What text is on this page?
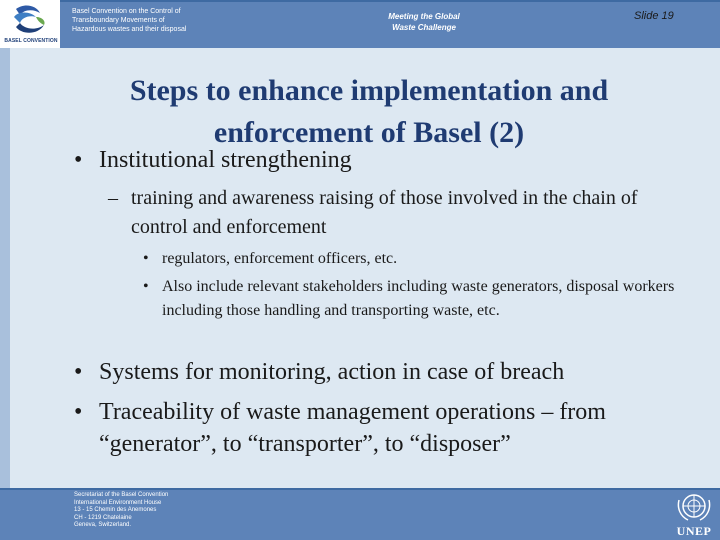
BASEL CONVENTION
Basel Convention on the Control of
Transboundary Movements of
Hazardous wastes and their disposal
Meeting the Global
Waste Challenge
Slide 19
Steps to enhance implementation and enforcement of Basel (2)
• Institutional strengthening
– training and awareness raising of those involved in the chain of control and enforcement
• regulators, enforcement officers, etc.
• Also include relevant stakeholders including waste generators, disposal workers including those handling and transporting waste, etc.
• Systems for monitoring, action in case of breach
• Traceability of waste management operations – from “generator”, to “transporter”, to “disposer”
Secretariat of the Basel Convention
International Environment House
13 - 15 Chemin des Anemones
CH - 1219 Chatelaine
Geneva, Switzerland.	UNEP
